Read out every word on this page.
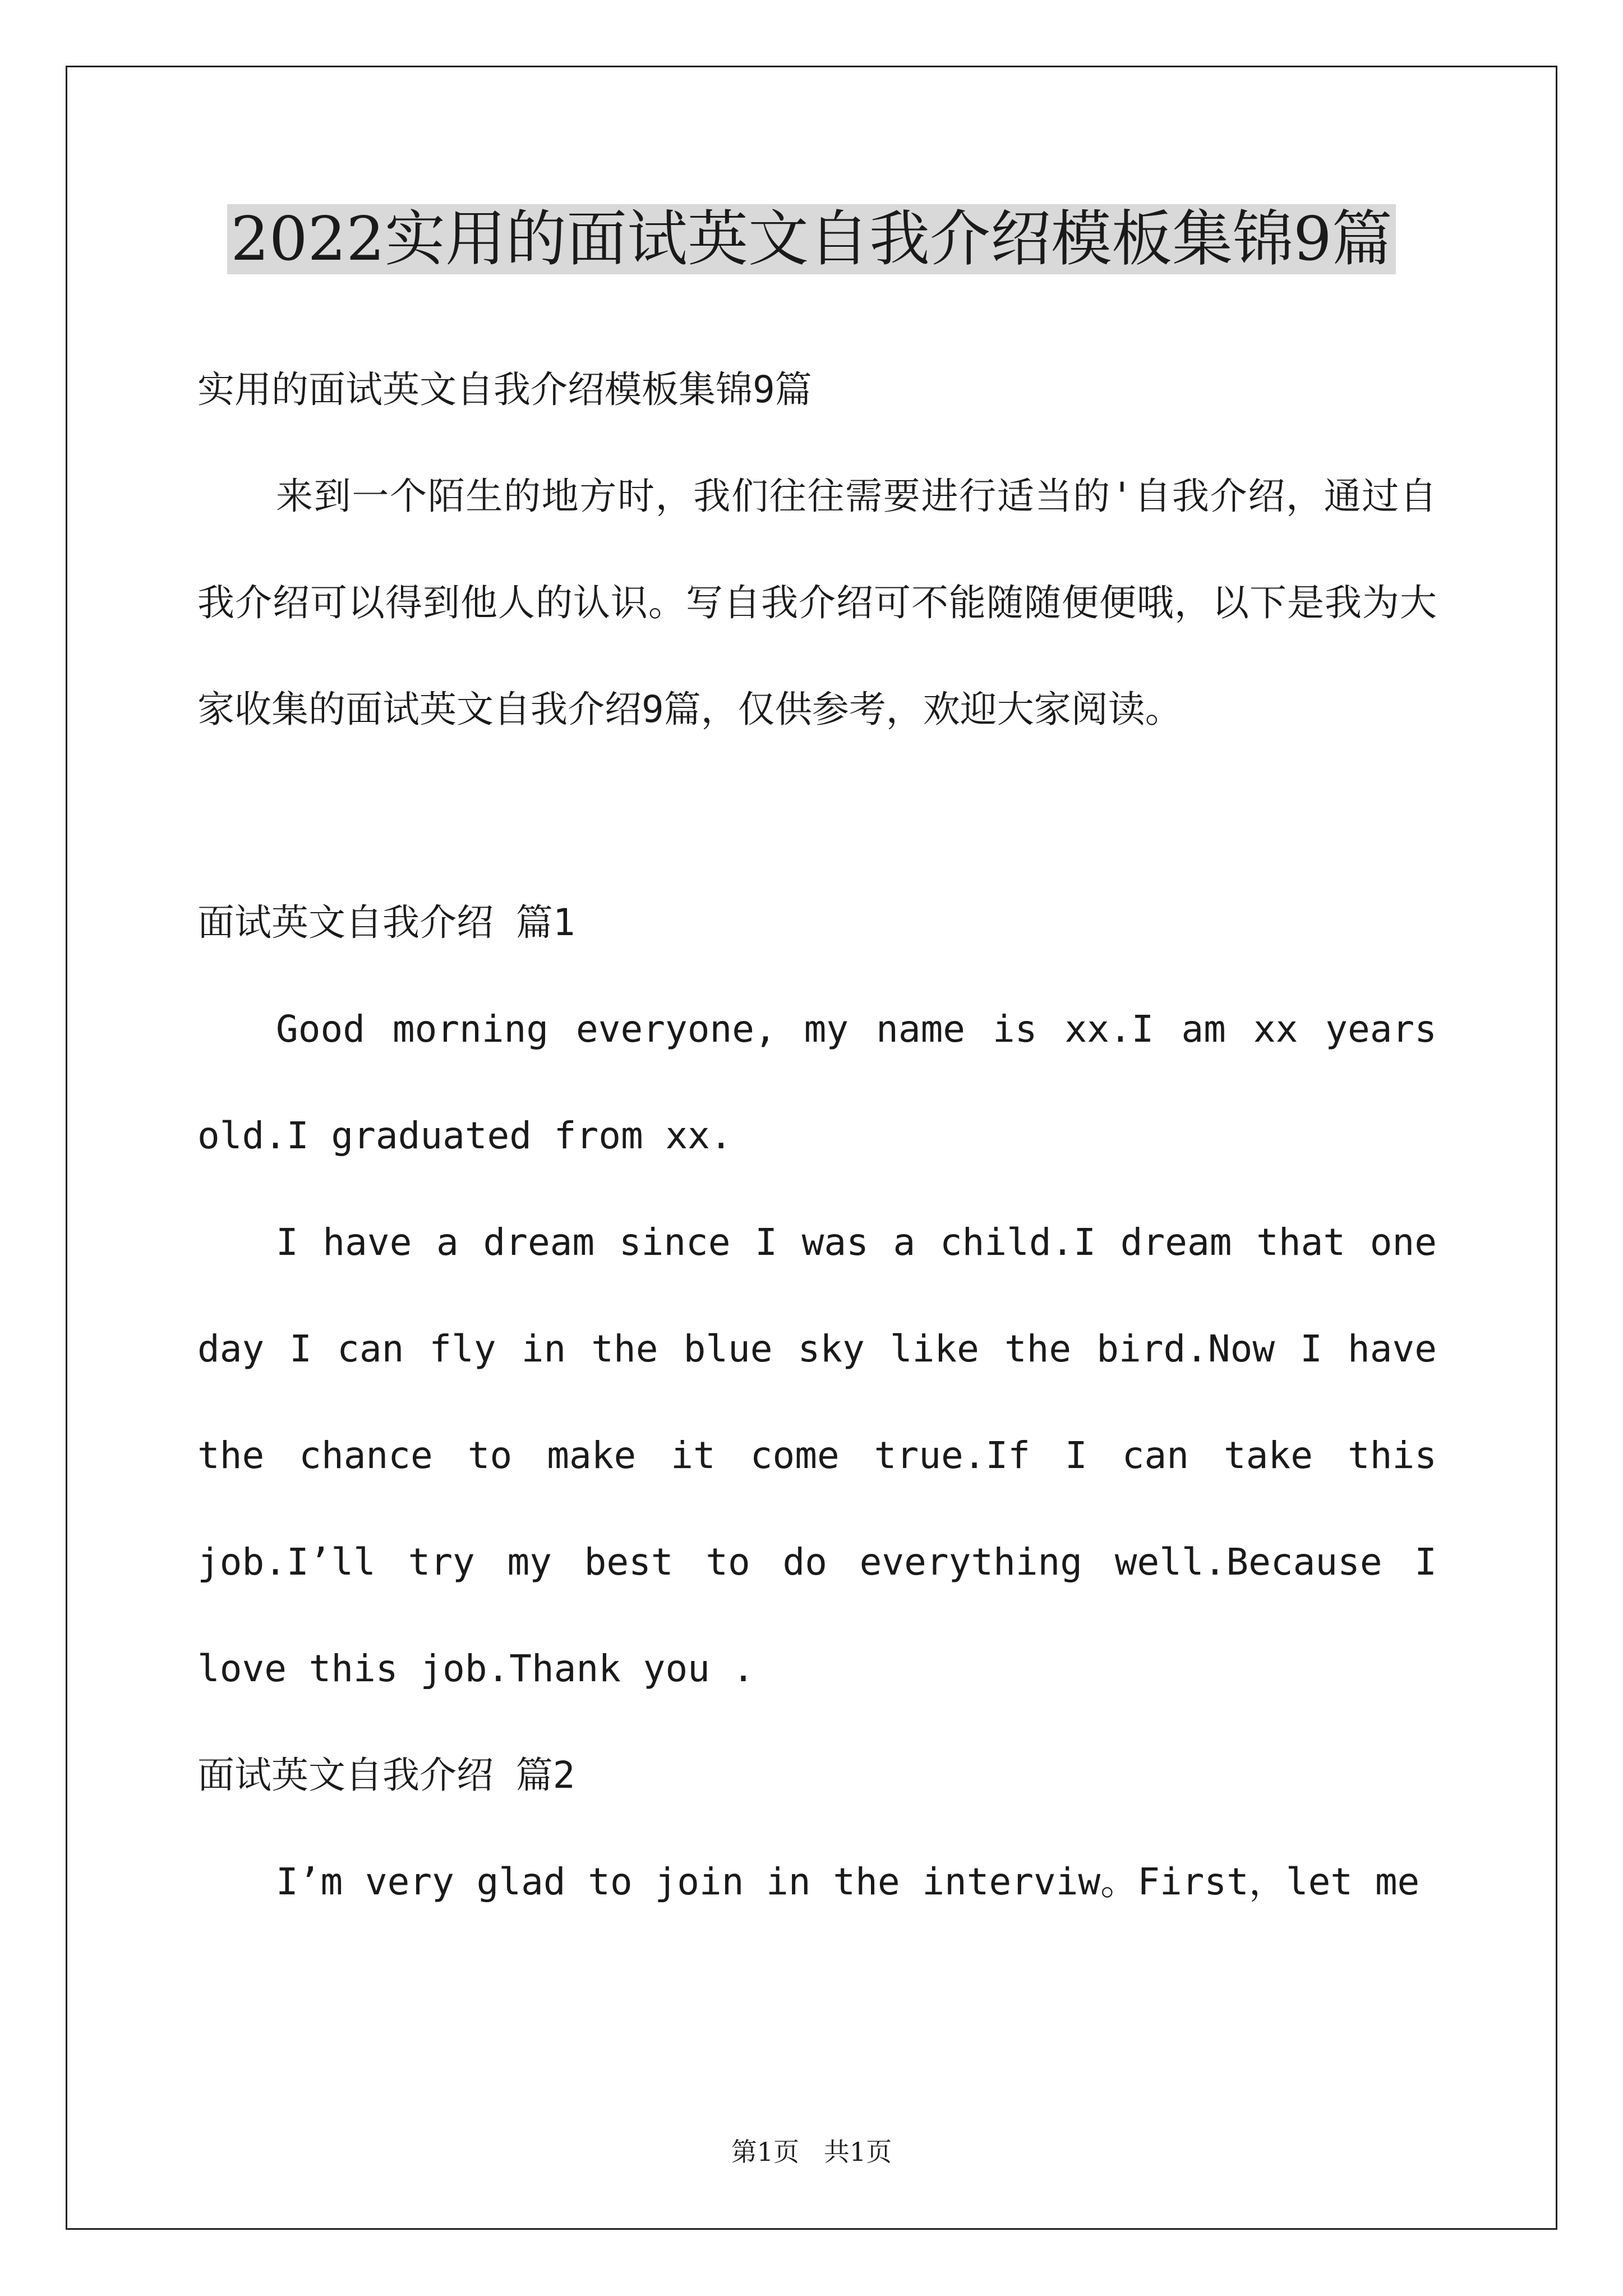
2022实用的面试英文自我介绍模板集锦9篇

实用的面试英文自我介绍模板集锦9篇

来到一个陌生的地方时，我们往往需要进行适当的'自我介绍，通过自我介绍可以得到他人的认识。写自我介绍可不能随随便便哦，以下是我为大家收集的面试英文自我介绍9篇，仅供参考，欢迎大家阅读。

面试英文自我介绍 篇1

Good morning everyone, my name is xx.I am xx years old.I graduated from xx.

I have a dream since I was a child.I dream that one day I can fly in the blue sky like the bird.Now I have the chance to make it come true.If I can take this job.I’ll try my best to do everything well.Because I love this job.Thank you .

面试英文自我介绍 篇2

I’m very glad to join in the interviw。First，let me

第1页   共1页
